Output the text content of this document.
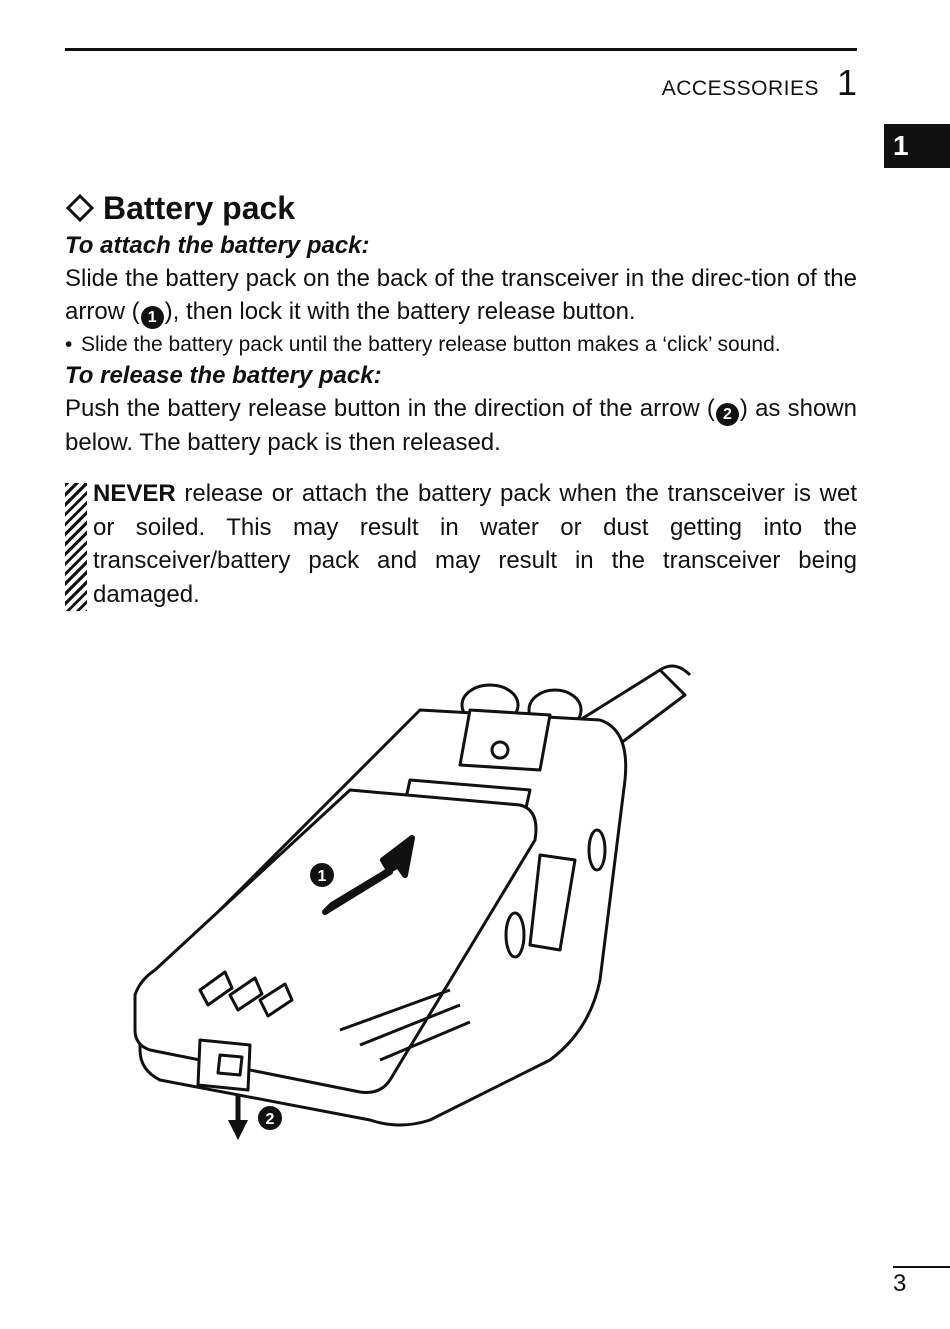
ACCESSORIES 1
1
Battery pack

To attach the battery pack:

Slide the battery pack on the back of the transceiver in the direc-tion of the arrow ( 1 ), then lock it with the battery release button.

• Slide the battery pack until the battery release button makes a ‘click’ sound.

To release the battery pack:

Push the battery release button in the direction of the arrow ( 2 ) as shown below. The battery pack is then released.

NEVER release or attach the battery pack when the transceiver is wet or soiled. This may result in water or dust getting into the transceiver/battery pack and may result in the transceiver being damaged.

1
2
3
